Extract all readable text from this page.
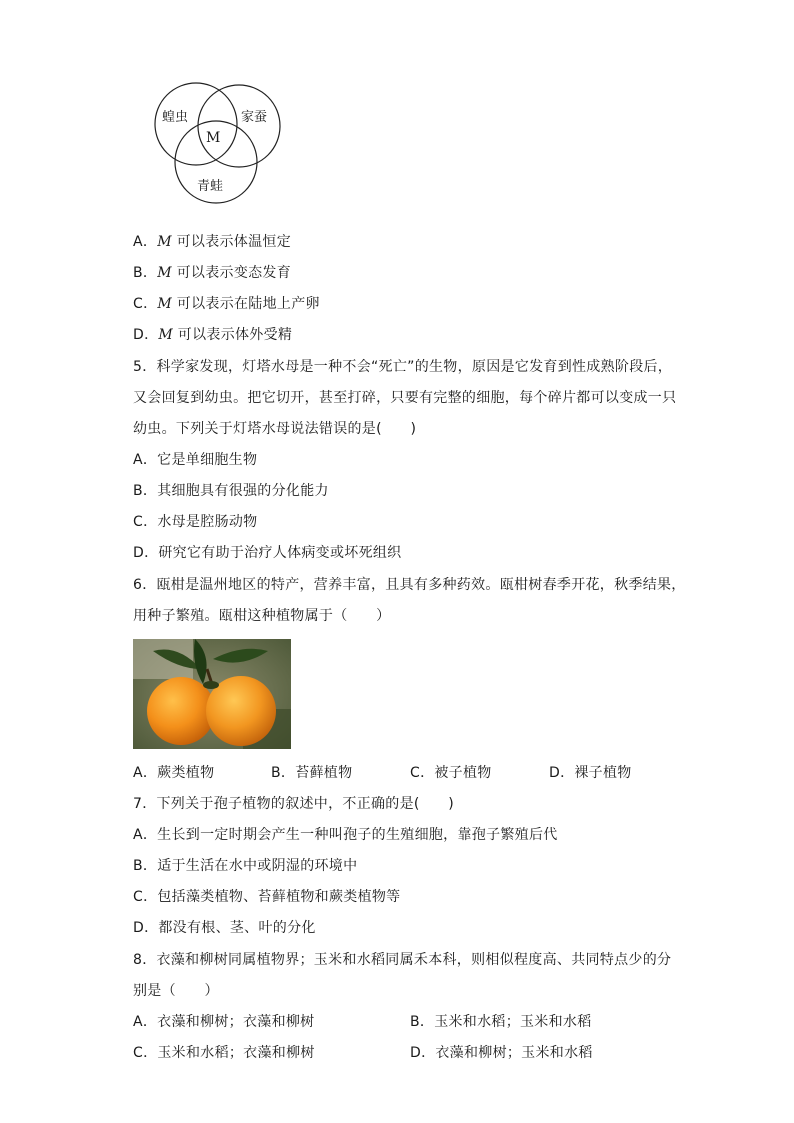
蝗虫	家蚕
青蛙
M
A．M 可以表示体温恒定
B．M 可以表示变态发育
C．M 可以表示在陆地上产卵
D．M 可以表示体外受精
5．科学家发现，灯塔水母是一种不会“死亡”的生物，原因是它发育到性成熟阶段后，
又会回复到幼虫。把它切开，甚至打碎，只要有完整的细胞，每个碎片都可以变成一只
幼虫。下列关于灯塔水母说法错误的是(　　)
A．它是单细胞生物
B．其细胞具有很强的分化能力
C．水母是腔肠动物
D．研究它有助于治疗人体病变或坏死组织
6．瓯柑是温州地区的特产，营养丰富，且具有多种药效。瓯柑树春季开花，秋季结果，
用种子繁殖。瓯柑这种植物属于（　　）
A．蕨类植物	B．苔藓植物	C．被子植物	D．裸子植物
7．下列关于孢子植物的叙述中，不正确的是(　　)
A．生长到一定时期会产生一种叫孢子的生殖细胞，靠孢子繁殖后代
B．适于生活在水中或阴湿的环境中
C．包括藻类植物、苔藓植物和蕨类植物等
D．都没有根、茎、叶的分化
8．衣藻和柳树同属植物界；玉米和水稻同属禾本科，则相似程度高、共同特点少的分
别是（　　）
A．衣藻和柳树；衣藻和柳树	B．玉米和水稻；玉米和水稻
C．玉米和水稻；衣藻和柳树	D．衣藻和柳树；玉米和水稻
